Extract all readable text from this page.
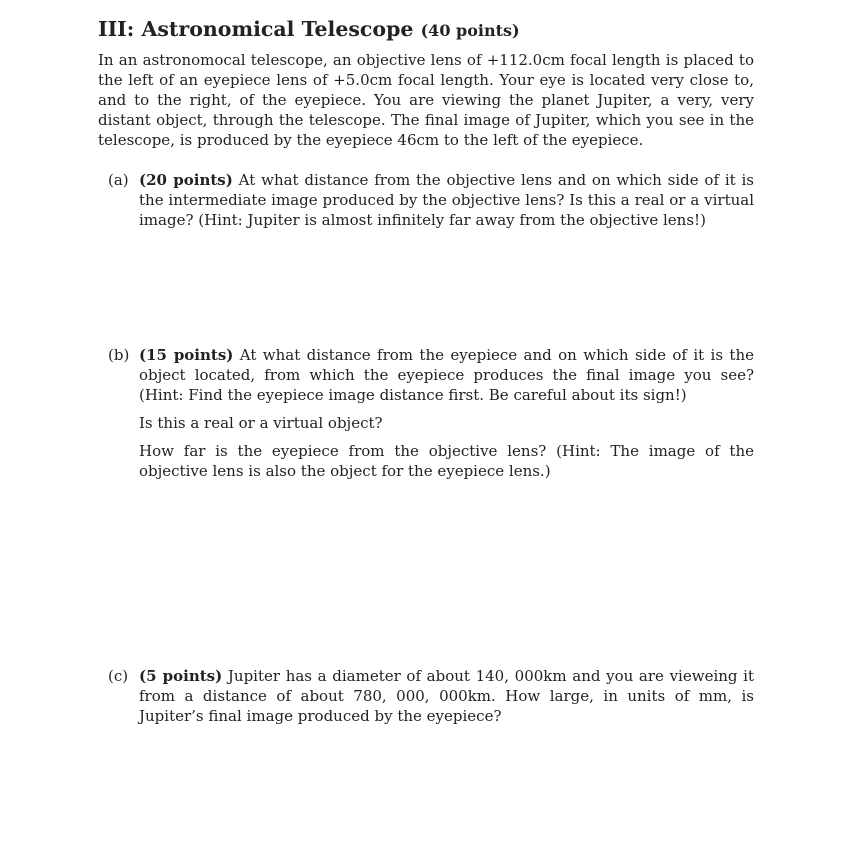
III: Astronomical Telescope (40 points)

In an astronomocal telescope, an objective lens of +112.0cm focal length is placed to the left of an eyepiece lens of +5.0cm focal length. Your eye is located very close to, and to the right, of the eyepiece. You are viewing the planet Jupiter, a very, very distant object, through the telescope. The final image of Jupiter, which you see in the telescope, is produced by the eyepiece 46cm to the left of the eyepiece.

(a) (20 points) At what distance from the objective lens and on which side of it is the intermediate image produced by the objective lens? Is this a real or a virtual image? (Hint: Jupiter is almost infinitely far away from the objective lens!)

(b) (15 points) At what distance from the eyepiece and on which side of it is the object located, from which the eyepiece produces the final image you see? (Hint: Find the eyepiece image distance first. Be careful about its sign!)

Is this a real or a virtual object?

How far is the eyepiece from the objective lens? (Hint: The image of the objective lens is also the object for the eyepiece lens.)

(c) (5 points) Jupiter has a diameter of about 140, 000km and you are vieweing it from a distance of about 780, 000, 000km. How large, in units of mm, is Jupiter’s final image produced by the eyepiece?
